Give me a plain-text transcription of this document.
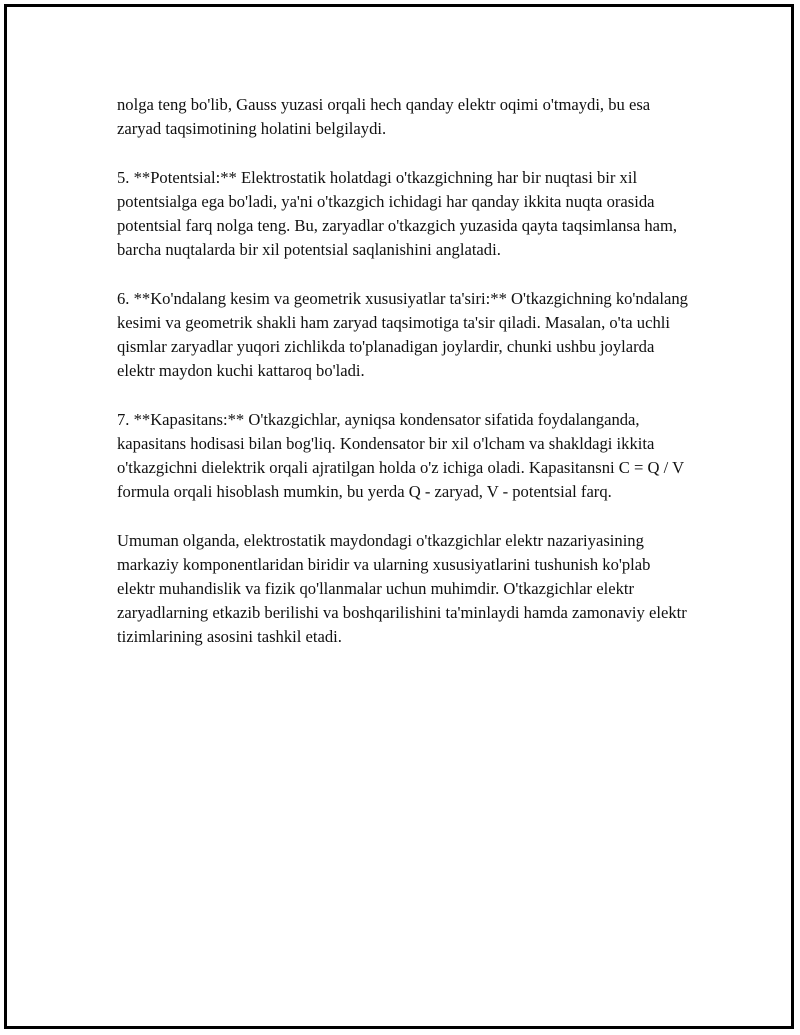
nolga teng bo'lib, Gauss yuzasi orqali hech qanday elektr oqimi o'tmaydi, bu esa zaryad taqsimotining holatini belgilaydi.

5. **Potentsial:** Elektrostatik holatdagi o'tkazgichning har bir nuqtasi bir xil potentsialga ega bo'ladi, ya'ni o'tkazgich ichidagi har qanday ikkita nuqta orasida potentsial farq nolga teng. Bu, zaryadlar o'tkazgich yuzasida qayta taqsimlansa ham, barcha nuqtalarda bir xil potentsial saqlanishini anglatadi.

6. **Ko'ndalang kesim va geometrik xususiyatlar ta'siri:** O'tkazgichning ko'ndalang kesimi va geometrik shakli ham zaryad taqsimotiga ta'sir qiladi. Masalan, o'ta uchli qismlar zaryadlar yuqori zichlikda to'planadigan joylardir, chunki ushbu joylarda elektr maydon kuchi kattaroq bo'ladi.

7. **Kapasitans:** O'tkazgichlar, ayniqsa kondensator sifatida foydalanganda, kapasitans hodisasi bilan bog'liq. Kondensator bir xil o'lcham va shakldagi ikkita o'tkazgichni dielektrik orqali ajratilgan holda o'z ichiga oladi. Kapasitansni C = Q / V formula orqali hisoblash mumkin, bu yerda Q - zaryad, V - potentsial farq.

Umuman olganda, elektrostatik maydondagi o'tkazgichlar elektr nazariyasining markaziy komponentlaridan biridir va ularning xususiyatlarini tushunish ko'plab elektr muhandislik va fizik qo'llanmalar uchun muhimdir. O'tkazgichlar elektr zaryadlarning etkazib berilishi va boshqarilishini ta'minlaydi hamda zamonaviy elektr tizimlarining asosini tashkil etadi.
